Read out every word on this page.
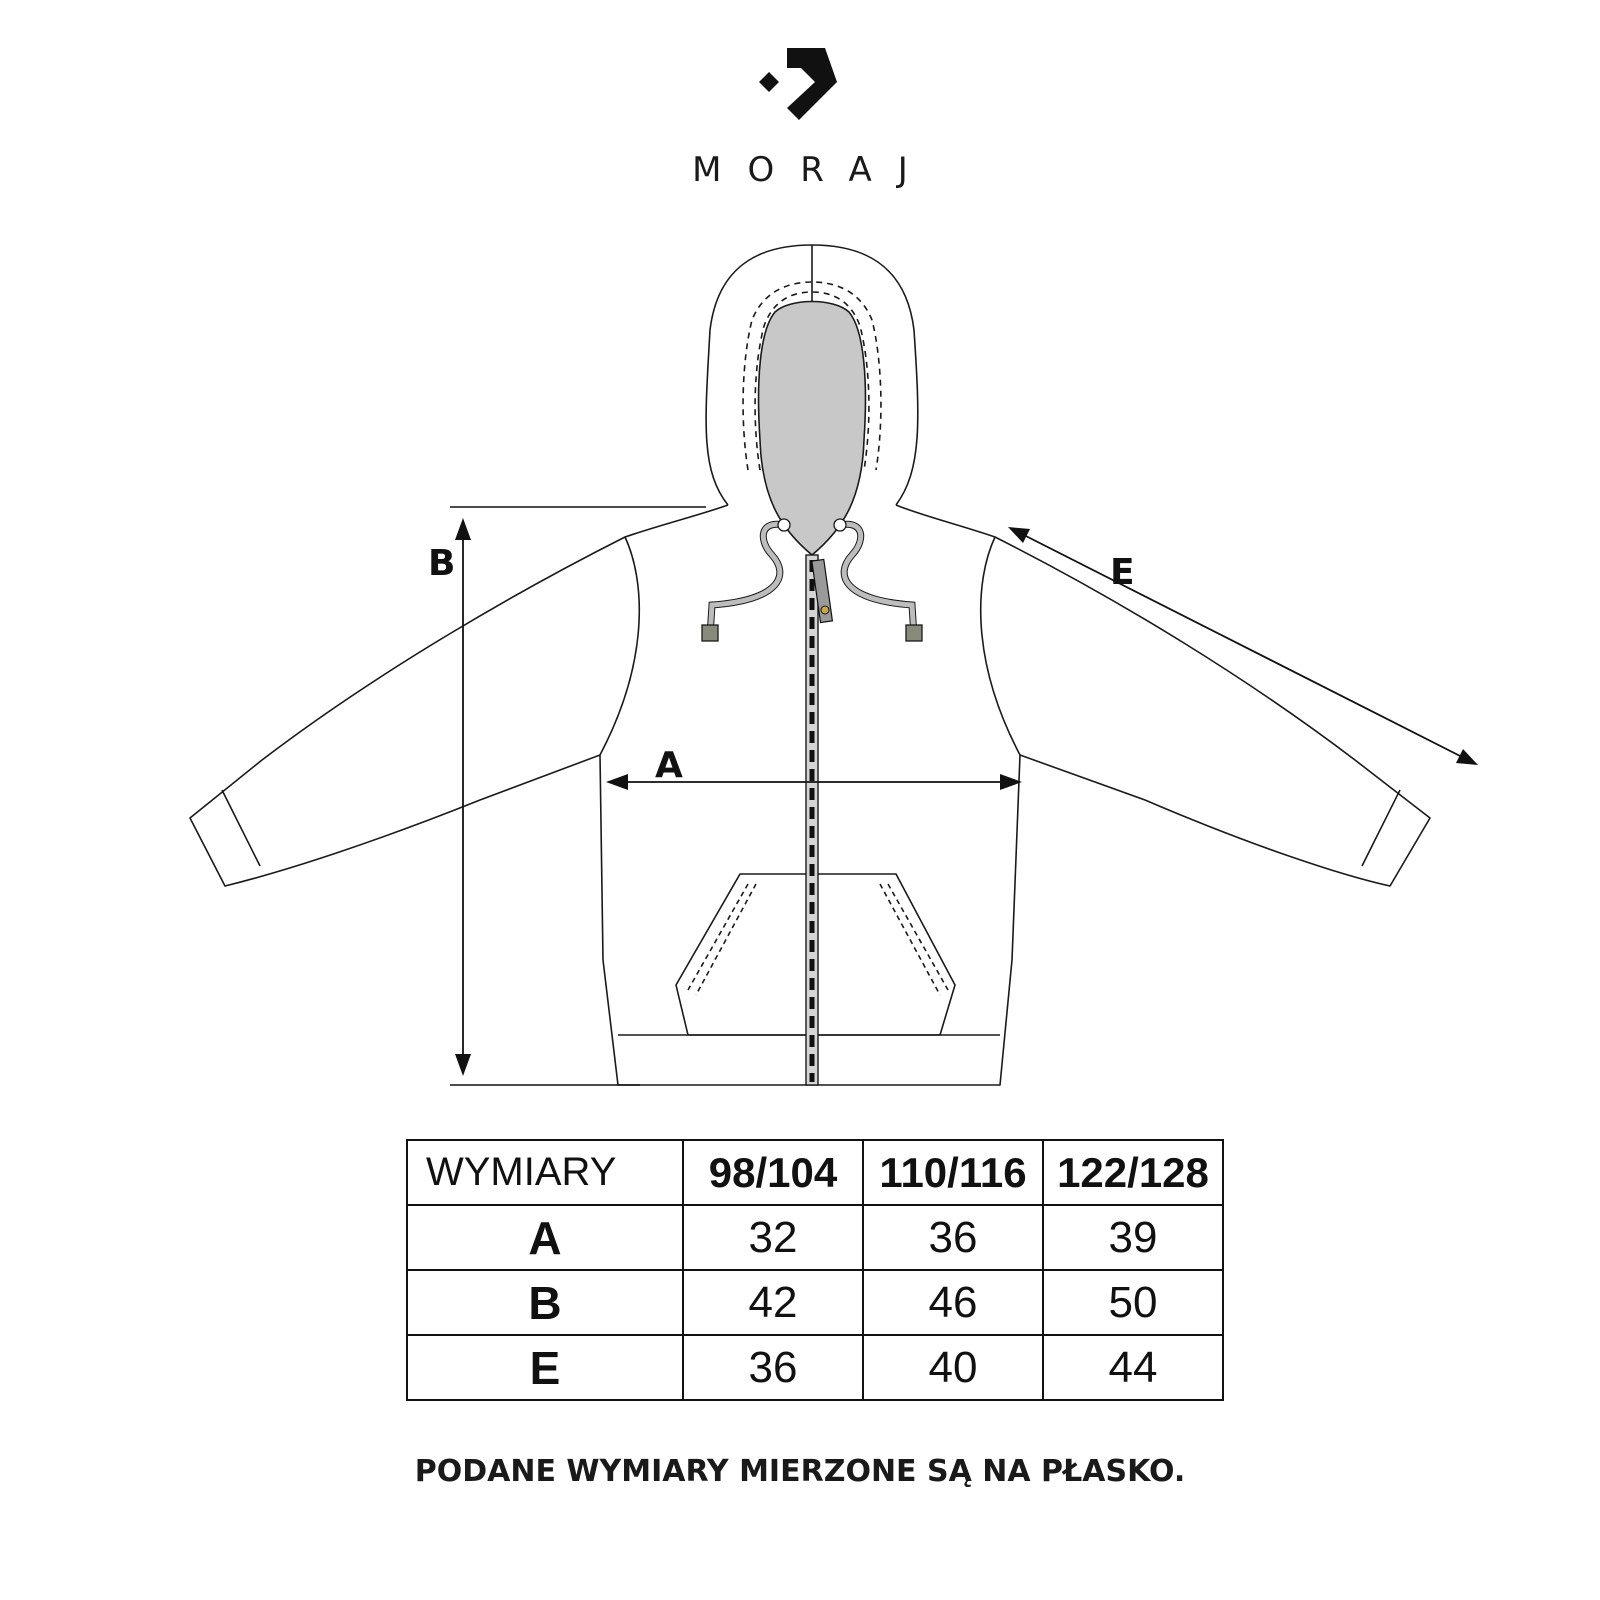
MORAJ
B
A
E
WYMIARY	98/104	110/116	122/128
A	32	36	39
B	42	46	50
E	36	40	44
PODANE WYMIARY MIERZONE SĄ NA PŁASKO.
